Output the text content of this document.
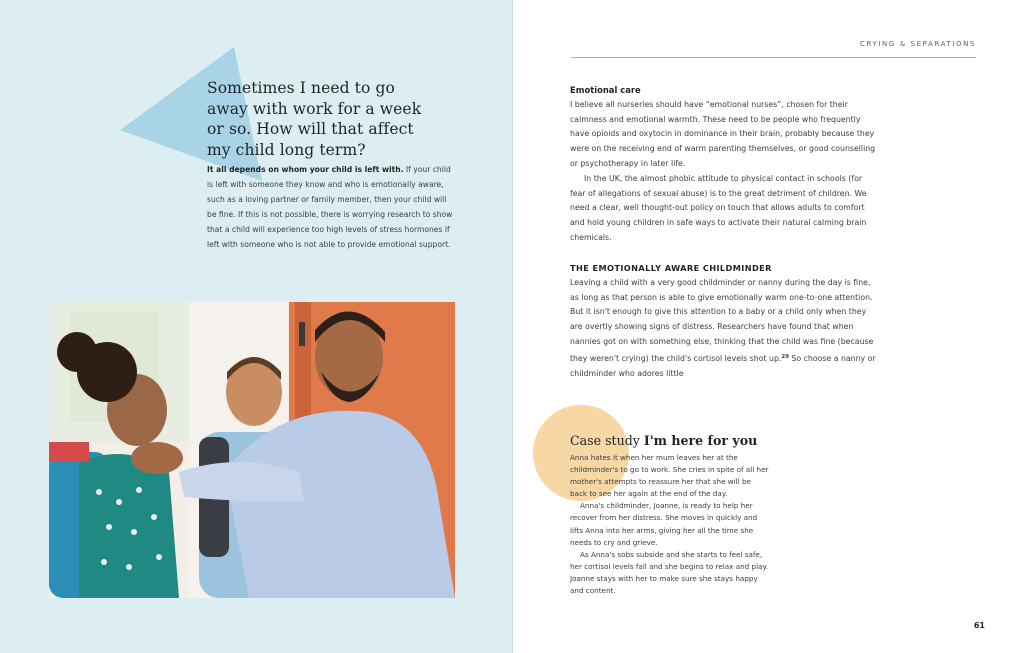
Sometimes I need to go away with work for a week or so. How will that affect my child long term?

It all depends on whom your child is left with. If your child is left with someone they know and who is emotionally aware, such as a loving partner or family member, then your child will be fine. If this is not possible, there is worrying research to show that a child will experience too high levels of stress hormones if left with someone who is not able to provide emotional support.

CRYING & SEPARATIONS

Emotional care

I believe all nurseries should have “emotional nurses”, chosen for their calmness and emotional warmth. These need to be people who frequently have opioids and oxytocin in dominance in their brain, probably because they were on the receiving end of warm parenting themselves, or good counselling or psychotherapy in later life.

In the UK, the almost phobic attitude to physical contact in schools (for fear of allegations of sexual abuse) is to the great detriment of children. We need a clear, well thought-out policy on touch that allows adults to comfort and hold young children in safe ways to activate their natural calming brain chemicals.

THE EMOTIONALLY AWARE CHILDMINDER

Leaving a child with a very good childminder or nanny during the day is fine, as long as that person is able to give emotionally warm one-to-one attention. But it isn't enough to give this attention to a baby or a child only when they are overtly showing signs of distress. Researchers have found that when nannies got on with something else, thinking that the child was fine (because they weren't crying) the child's cortisol levels shot up.$^{29}$ So choose a nanny or childminder who adores little

Case study I'm here for you

Anna hates it when her mum leaves her at the childminder's to go to work. She cries in spite of all her mother's attempts to reassure her that she will be back to see her again at the end of the day.

Anna's childminder, Joanne, is ready to help her recover from her distress. She moves in quickly and lifts Anna into her arms, giving her all the time she needs to cry and grieve.

As Anna's sobs subside and she starts to feel safe, her cortisol levels fall and she begins to relax and play. Joanne stays with her to make sure she stays happy and content.

61
